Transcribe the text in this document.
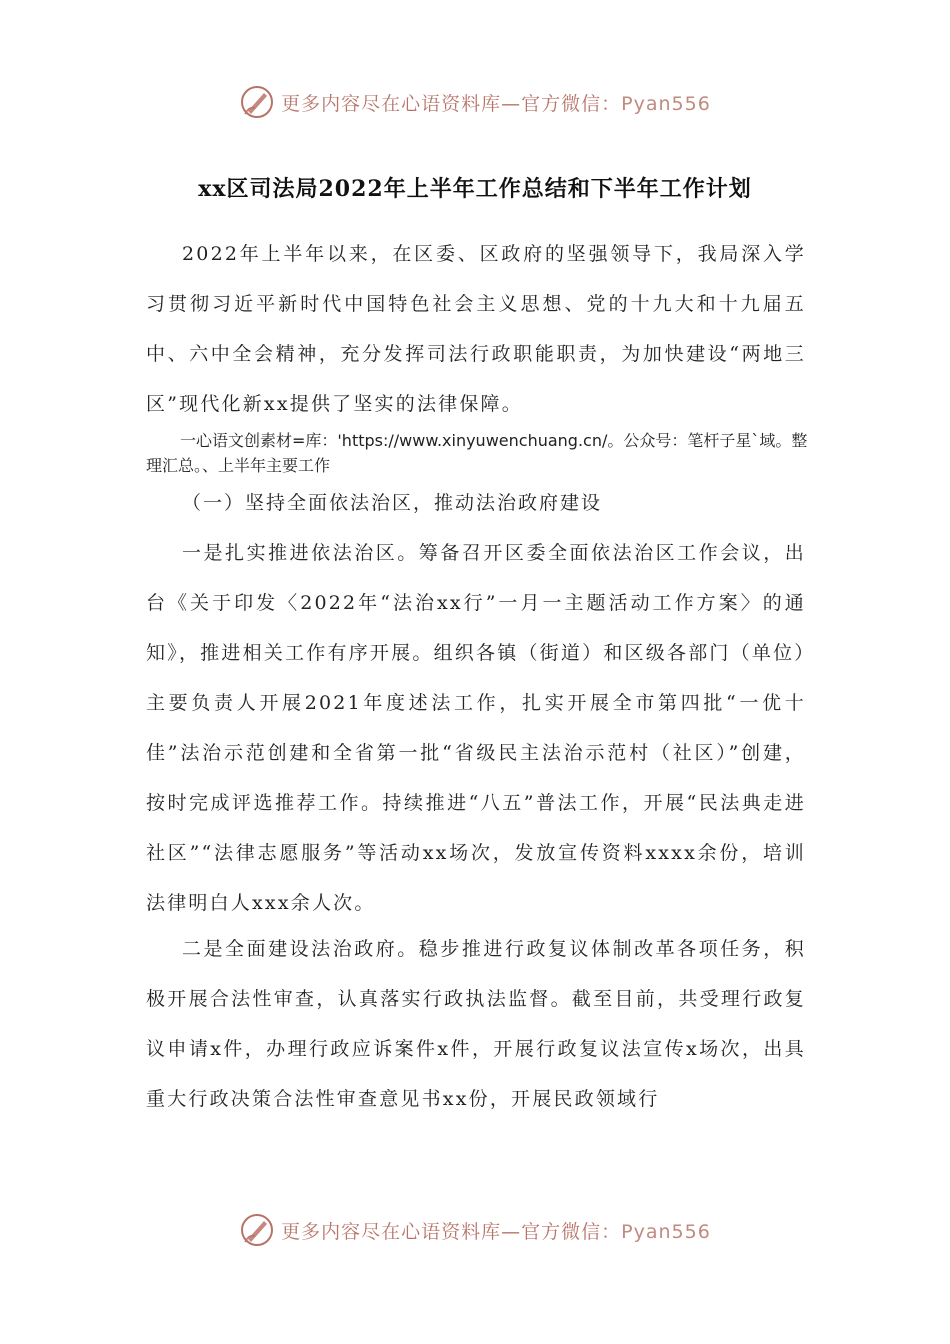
更多内容尽在心语资料库—官方微信：Pyan556
xx区司法局2022年上半年工作总结和下半年工作计划
2022年上半年以来，在区委、区政府的坚强领导下，我局深入学习贯彻习近平新时代中国特色社会主义思想、党的十九大和十九届五中、六中全会精神，充分发挥司法行政职能职责，为加快建设“两地三区”现代化新xx提供了坚实的法律保障。
一心语文创素材=库：'https://www.xinyuwenchuang.cn/。公众号：笔杆子星`域。整理汇总。、上半年主要工作
（一）坚持全面依法治区，推动法治政府建设
一是扎实推进依法治区。筹备召开区委全面依法治区工作会议，出台《关于印发〈2022年“法治xx行”一月一主题活动工作方案〉的通知》，推进相关工作有序开展。组织各镇（街道）和区级各部门（单位）主要负责人开展2021年度述法工作，扎实开展全市第四批“一优十佳”法治示范创建和全省第一批“省级民主法治示范村（社区）”创建，按时完成评选推荐工作。持续推进“八五”普法工作，开展“民法典走进社区”“法律志愿服务”等活动xx场次，发放宣传资料xxxx余份，培训法律明白人xxx余人次。
二是全面建设法治政府。稳步推进行政复议体制改革各项任务，积极开展合法性审查，认真落实行政执法监督。截至目前，共受理行政复议申请x件，办理行政应诉案件x件，开展行政复议法宣传x场次，出具重大行政决策合法性审查意见书xx份，开展民政领域行
更多内容尽在心语资料库—官方微信：Pyan556
